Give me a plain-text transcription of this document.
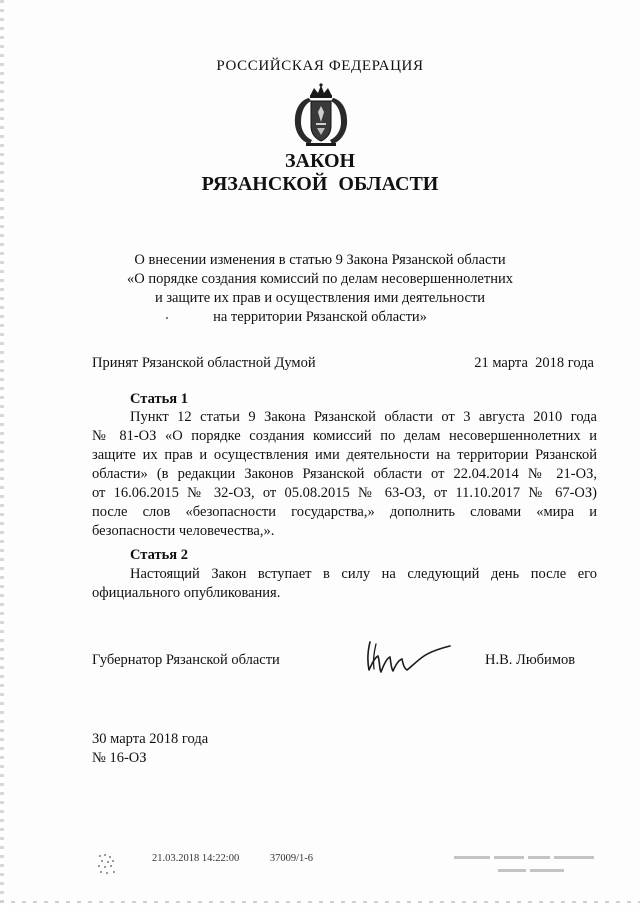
РОССИЙСКАЯ ФЕДЕРАЦИЯ
ЗАКОН
РЯЗАНСКОЙ ОБЛАСТИ
О внесении изменения в статью 9 Закона Рязанской области
«О порядке создания комиссий по делам несовершеннолетних
и защите их прав и осуществления ими деятельности
на территории Рязанской области»
Принят Рязанской областной Думой	21 марта  2018 года
Статья 1
Пункт 12 статьи 9 Закона Рязанской области от 3 августа 2010 года
№ 81-ОЗ «О порядке создания комиссий по делам несовершеннолетних и
защите их прав и осуществления ими деятельности на территории Рязанской
области» (в редакции Законов Рязанской области от 22.04.2014 № 21-ОЗ,
от 16.06.2015 № 32-ОЗ, от 05.08.2015 № 63-ОЗ, от 11.10.2017 № 67-ОЗ)
после слов «безопасности государства,» дополнить словами «мира и
безопасности человечества,».
Статья 2
Настоящий Закон вступает в силу на следующий день после его
официального опубликования.
Губернатор Рязанской области	Н.В. Любимов
30 марта 2018 года
№ 16-ОЗ
21.03.2018 14:22:00	37009/1-6
